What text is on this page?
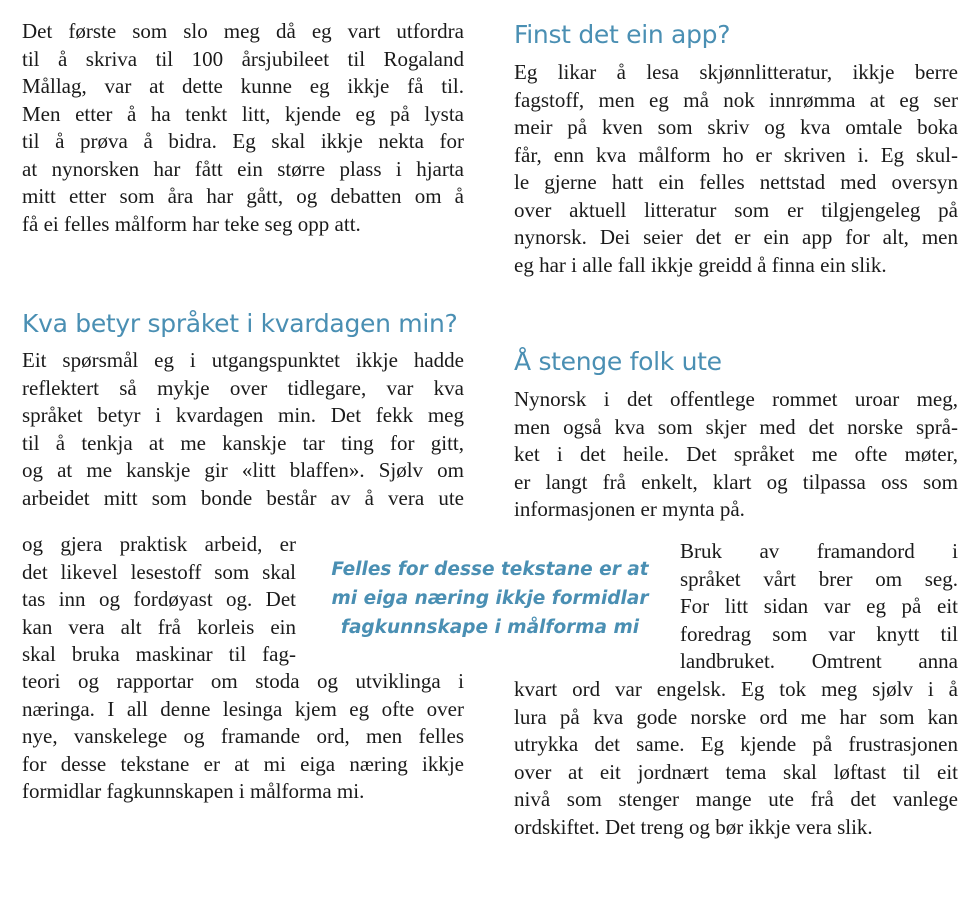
Det første som slo meg då eg vart utfordra
til å skriva til 100 årsjubileet til Rogaland
Mållag, var at dette kunne eg ikkje få til.
Men etter å ha tenkt litt, kjende eg på lysta
til å prøva å bidra. Eg skal ikkje nekta for
at nynorsken har fått ein større plass i hjarta
mitt etter som åra har gått, og debatten om å
få ei felles målform har teke seg opp att.

Kva betyr språket i kvardagen min?

Eit spørsmål eg i utgangspunktet ikkje hadde
reflektert så mykje over tidlegare, var kva
språket betyr i kvardagen min. Det fekk meg
til å tenkja at me kanskje tar ting for gitt,
og at me kanskje gir «litt blaffen». Sjølv om
arbeidet mitt som bonde består av å vera ute

og gjera praktisk arbeid, er
det likevel lesestoff som skal
tas inn og fordøyast og. Det
kan vera alt frå korleis ein
skal bruka maskinar til fag-

teori og rapportar om stoda og utviklinga i
næringa. I all denne lesinga kjem eg ofte over
nye, vanskelege og framande ord, men felles
for desse tekstane er at mi eiga næring ikkje
formidlar fagkunnskapen i målforma mi.

Felles for desse tekstane er at
mi eiga næring ikkje formidlar
fagkunnskape i målforma mi
Finst det ein app?

Eg likar å lesa skjønnlitteratur, ikkje berre
fagstoff, men eg må nok innrømma at eg ser
meir på kven som skriv og kva omtale boka
får, enn kva målform ho er skriven i. Eg skul-
le gjerne hatt ein felles nettstad med oversyn
over aktuell litteratur som er tilgjengeleg på
nynorsk. Dei seier det er ein app for alt, men
eg har i alle fall ikkje greidd å finna ein slik.

Å stenge folk ute

Nynorsk i det offentlege rommet uroar meg,
men også kva som skjer med det norske språ-
ket i det heile. Det språket me ofte møter,
er langt frå enkelt, klart og tilpassa oss som
informasjonen er mynta på.

Bruk av framandord i
språket vårt brer om seg.
For litt sidan var eg på eit
foredrag som var knytt til
landbruket. Omtrent anna

kvart ord var engelsk. Eg tok meg sjølv i å
lura på kva gode norske ord me har som kan
utrykka det same. Eg kjende på frustrasjonen
over at eit jordnært tema skal løftast til eit
nivå som stenger mange ute frå det vanlege
ordskiftet. Det treng og bør ikkje vera slik.
